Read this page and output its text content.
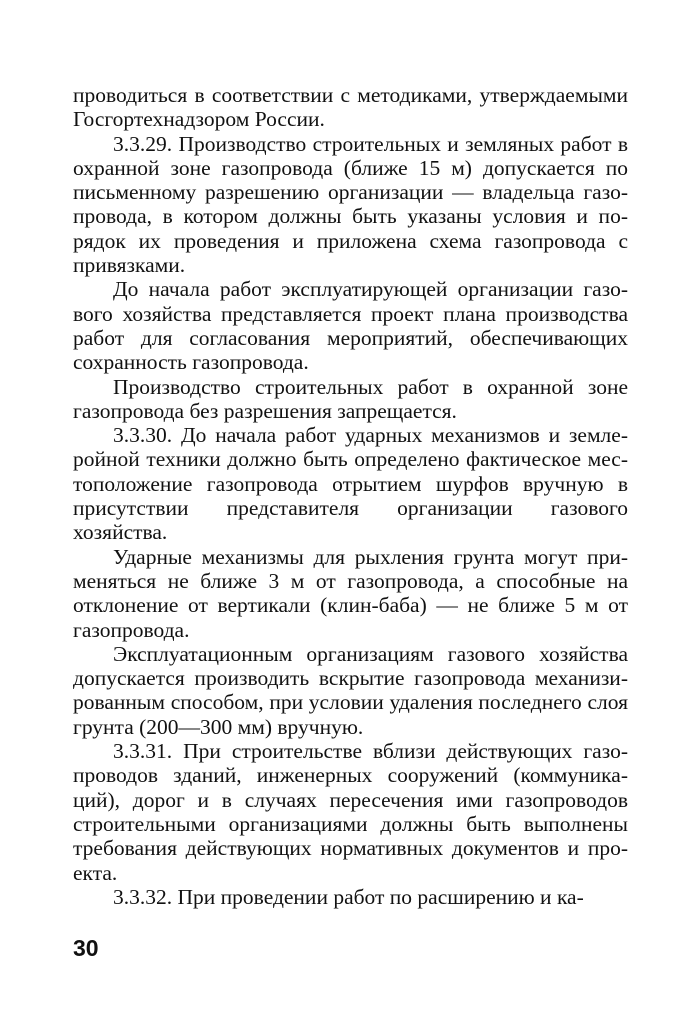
проводиться в соответствии с методиками, утверждаемыми Госгортехнадзором России.

3.3.29. Производство строительных и земляных работ в охранной зоне газопровода (ближе 15 м) допускается по письменному разрешению организации — владельца газопровода, в котором должны быть указаны условия и порядок их проведения и приложена схема газопровода с привязками.

До начала работ эксплуатирующей организации газового хозяйства представляется проект плана производства работ для согласования мероприятий, обеспечивающих сохранность газопровода.

Производство строительных работ в охранной зоне газопровода без разрешения запрещается.

3.3.30. До начала работ ударных механизмов и землеройной техники должно быть определено фактическое местоположение газопровода отрытием шурфов вручную в присутствии представителя организации газового хозяйства.

Ударные механизмы для рыхления грунта могут применяться не ближе 3 м от газопровода, а способные на отклонение от вертикали (клин-баба) — не ближе 5 м от газопровода.

Эксплуатационным организациям газового хозяйства допускается производить вскрытие газопровода механизированным способом, при условии удаления последнего слоя грунта (200—300 мм) вручную.

3.3.31. При строительстве вблизи действующих газопроводов зданий, инженерных сооружений (коммуникаций), дорог и в случаях пересечения ими газопроводов строительными организациями должны быть выполнены требования действующих нормативных документов и проекта.

3.3.32. При проведении работ по расширению и ка-

30
